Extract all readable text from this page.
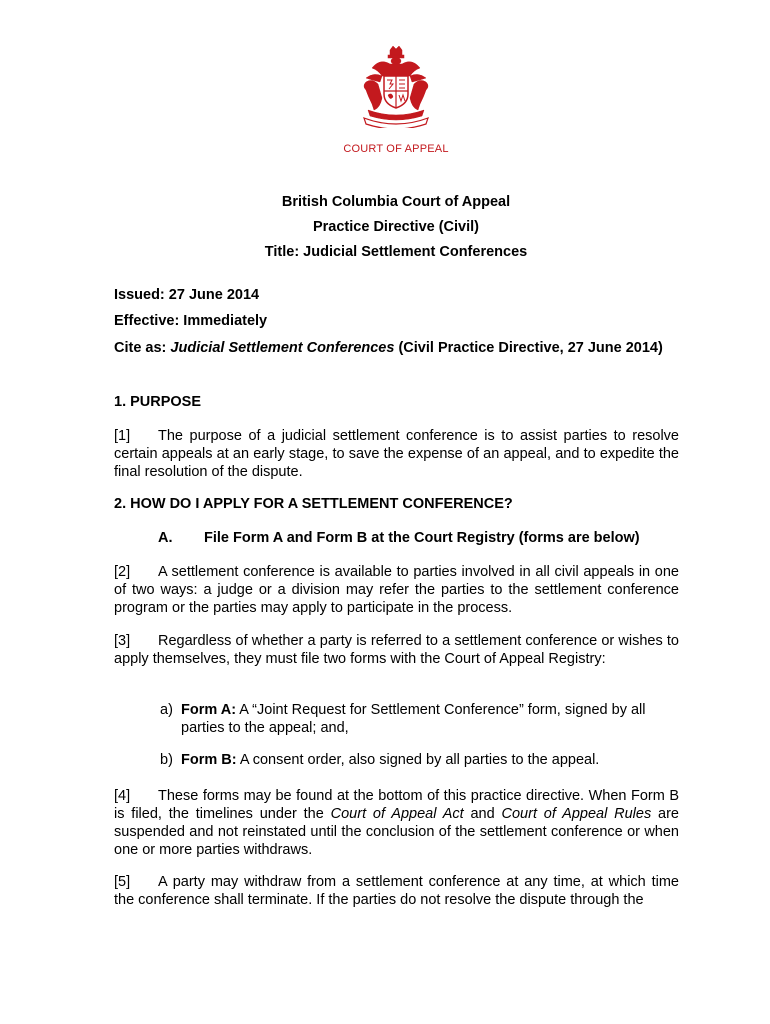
COURT OF APPEAL
British Columbia Court of Appeal
Practice Directive (Civil)
Title: Judicial Settlement Conferences
Issued: 27 June 2014
Effective: Immediately
Cite as: Judicial Settlement Conferences (Civil Practice Directive, 27 June 2014)
1. PURPOSE
[1] The purpose of a judicial settlement conference is to assist parties to resolve certain appeals at an early stage, to save the expense of an appeal, and to expedite the final resolution of the dispute.
2. HOW DO I APPLY FOR A SETTLEMENT CONFERENCE?
A. File Form A and Form B at the Court Registry (forms are below)
[2] A settlement conference is available to parties involved in all civil appeals in one of two ways: a judge or a division may refer the parties to the settlement conference program or the parties may apply to participate in the process.
[3] Regardless of whether a party is referred to a settlement conference or wishes to apply themselves, they must file two forms with the Court of Appeal Registry:
a) Form A: A “Joint Request for Settlement Conference” form, signed by all parties to the appeal; and,
b) Form B: A consent order, also signed by all parties to the appeal.
[4] These forms may be found at the bottom of this practice directive. When Form B is filed, the timelines under the Court of Appeal Act and Court of Appeal Rules are suspended and not reinstated until the conclusion of the settlement conference or when one or more parties withdraws.
[5] A party may withdraw from a settlement conference at any time, at which time the conference shall terminate. If the parties do not resolve the dispute through the
